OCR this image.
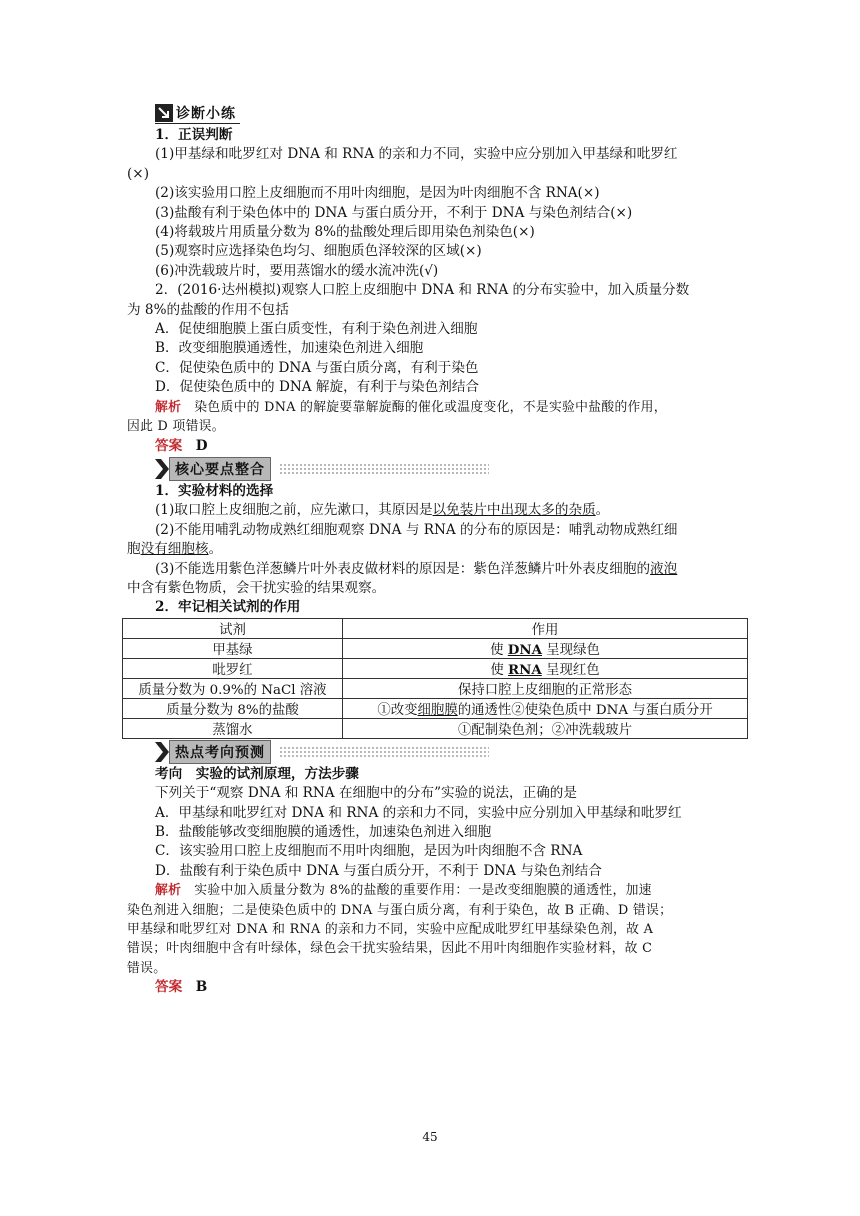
诊断小练
1．正误判断
(1)甲基绿和吡罗红对 DNA 和 RNA 的亲和力不同，实验中应分别加入甲基绿和吡罗红
(×)
(2)该实验用口腔上皮细胞而不用叶肉细胞，是因为叶肉细胞不含 RNA(×)
(3)盐酸有利于染色体中的 DNA 与蛋白质分开，不利于 DNA 与染色剂结合(×)
(4)将载玻片用质量分数为 8%的盐酸处理后即用染色剂染色(×)
(5)观察时应选择染色均匀、细胞质色泽较深的区域(×)
(6)冲洗载玻片时，要用蒸馏水的缓水流冲洗(√)
2．(2016·达州模拟)观察人口腔上皮细胞中 DNA 和 RNA 的分布实验中，加入质量分数
为 8%的盐酸的作用不包括
A．促使细胞膜上蛋白质变性，有利于染色剂进入细胞
B．改变细胞膜通透性，加速染色剂进入细胞
C．促使染色质中的 DNA 与蛋白质分离，有利于染色
D．促使染色质中的 DNA 解旋，有利于与染色剂结合
解析　染色质中的 DNA 的解旋要靠解旋酶的催化或温度变化，不是实验中盐酸的作用，
因此 D 项错误。
答案　D
核心要点整合
1．实验材料的选择
(1)取口腔上皮细胞之前，应先漱口，其原因是以免装片中出现太多的杂质。
(2)不能用哺乳动物成熟红细胞观察 DNA 与 RNA 的分布的原因是：哺乳动物成熟红细
胞没有细胞核。
(3)不能选用紫色洋葱鳞片叶外表皮做材料的原因是：紫色洋葱鳞片叶外表皮细胞的液泡
中含有紫色物质，会干扰实验的结果观察。
2．牢记相关试剂的作用
试剂	作用
甲基绿	使 DNA 呈现绿色
吡罗红	使 RNA 呈现红色
质量分数为 0.9%的 NaCl 溶液	保持口腔上皮细胞的正常形态
质量分数为 8%的盐酸	①改变细胞膜的通透性②使染色质中 DNA 与蛋白质分开
蒸馏水	①配制染色剂；②冲洗载玻片
热点考向预测
考向　实验的试剂原理，方法步骤
下列关于“观察 DNA 和 RNA 在细胞中的分布”实验的说法，正确的是
A．甲基绿和吡罗红对 DNA 和 RNA 的亲和力不同，实验中应分别加入甲基绿和吡罗红
B．盐酸能够改变细胞膜的通透性，加速染色剂进入细胞
C．该实验用口腔上皮细胞而不用叶肉细胞，是因为叶肉细胞不含 RNA
D．盐酸有利于染色质中 DNA 与蛋白质分开，不利于 DNA 与染色剂结合
解析　实验中加入质量分数为 8%的盐酸的重要作用：一是改变细胞膜的通透性，加速
染色剂进入细胞；二是使染色质中的 DNA 与蛋白质分离，有利于染色，故 B 正确、D 错误；
甲基绿和吡罗红对 DNA 和 RNA 的亲和力不同，实验中应配成吡罗红甲基绿染色剂，故 A
错误；叶肉细胞中含有叶绿体，绿色会干扰实验结果，因此不用叶肉细胞作实验材料，故 C
错误。
答案　B
45
